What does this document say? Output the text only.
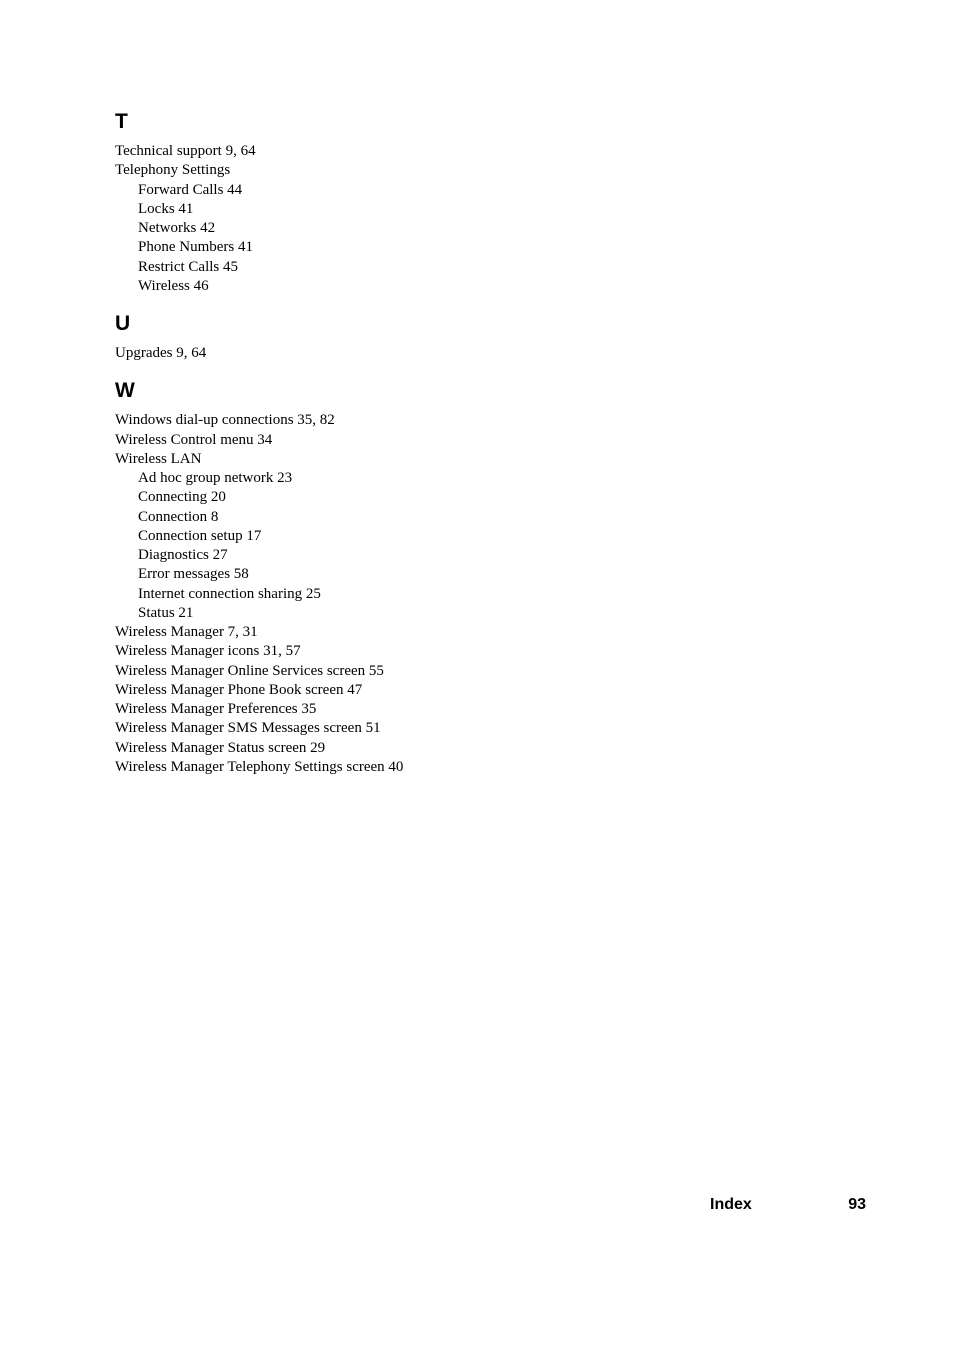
T
Technical support 9, 64
Telephony Settings
Forward Calls 44
Locks 41
Networks 42
Phone Numbers 41
Restrict Calls 45
Wireless 46
U
Upgrades 9, 64
W
Windows dial-up connections 35, 82
Wireless Control menu 34
Wireless LAN
Ad hoc group network 23
Connecting 20
Connection 8
Connection setup 17
Diagnostics 27
Error messages 58
Internet connection sharing 25
Status 21
Wireless Manager 7, 31
Wireless Manager icons 31, 57
Wireless Manager Online Services screen 55
Wireless Manager Phone Book screen 47
Wireless Manager Preferences 35
Wireless Manager SMS Messages screen 51
Wireless Manager Status screen 29
Wireless Manager Telephony Settings screen 40
Index	93
